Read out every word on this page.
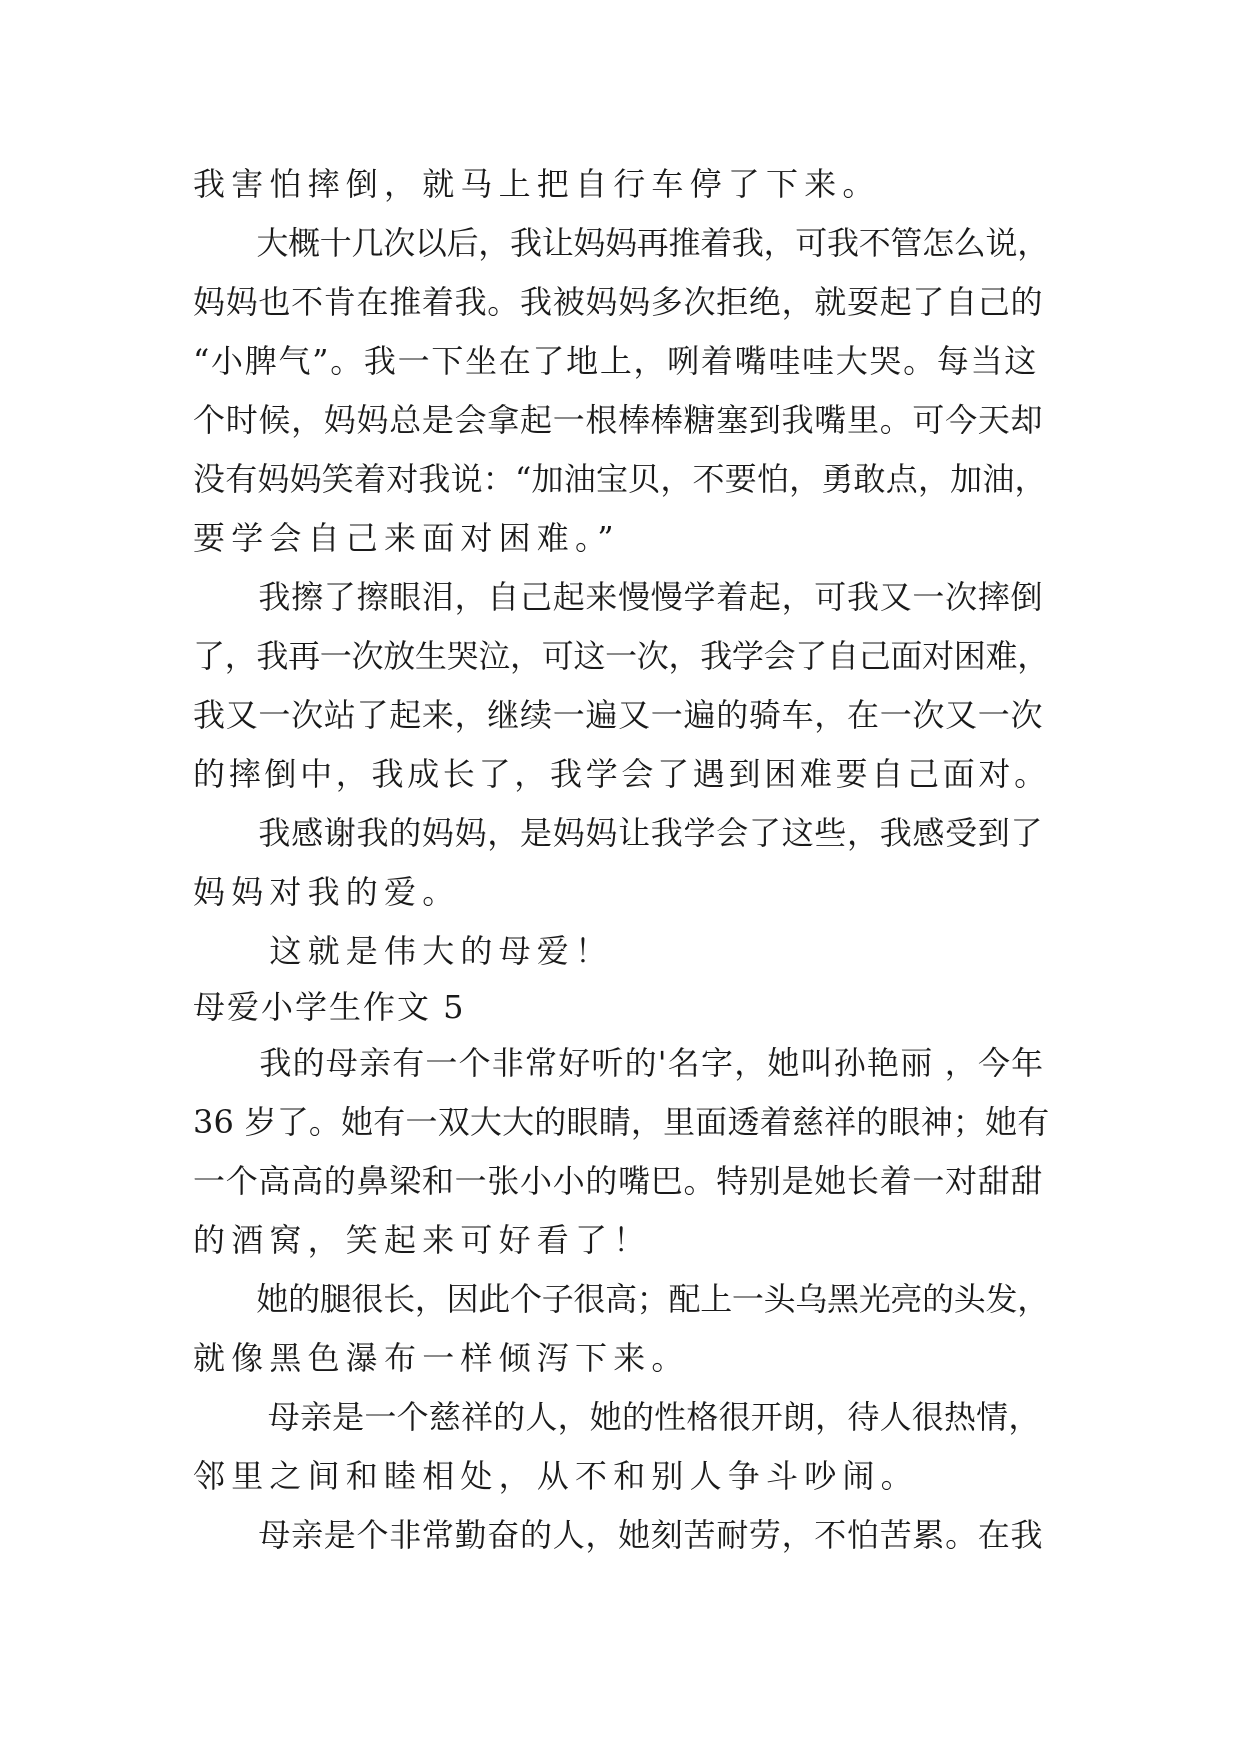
我害怕摔倒，就马上把自行车停了下来。
　　大概十几次以后，我让妈妈再推着我，可我不管怎么说，
妈妈也不肯在推着我。我被妈妈多次拒绝，就耍起了自己的
“小脾气”。我一下坐在了地上，咧着嘴哇哇大哭。每当这
个时候，妈妈总是会拿起一根棒棒糖塞到我嘴里。可今天却
没有妈妈笑着对我说：“加油宝贝，不要怕，勇敢点，加油，
要学会自己来面对困难。”
　　我擦了擦眼泪，自己起来慢慢学着起，可我又一次摔倒
了，我再一次放生哭泣，可这一次，我学会了自己面对困难，
我又一次站了起来，继续一遍又一遍的骑车，在一次又一次
的摔倒中，我成长了，我学会了遇到困难要自己面对。
　　我感谢我的妈妈，是妈妈让我学会了这些，我感受到了
妈妈对我的爱。
　　这就是伟大的母爱！
母爱小学生作文 5
　　我的母亲有一个非常好听的'名字，她叫孙艳丽 ，今年
36 岁了。她有一双大大的眼睛，里面透着慈祥的眼神；她有
一个高高的鼻梁和一张小小的嘴巴。特别是她长着一对甜甜
的酒窝，笑起来可好看了！
　　她的腿很长，因此个子很高；配上一头乌黑光亮的头发，
就像黑色瀑布一样倾泻下来。
　　 母亲是一个慈祥的人，她的性格很开朗，待人很热情，
邻里之间和睦相处，从不和别人争斗吵闹。
　　母亲是个非常勤奋的人，她刻苦耐劳，不怕苦累。在我
